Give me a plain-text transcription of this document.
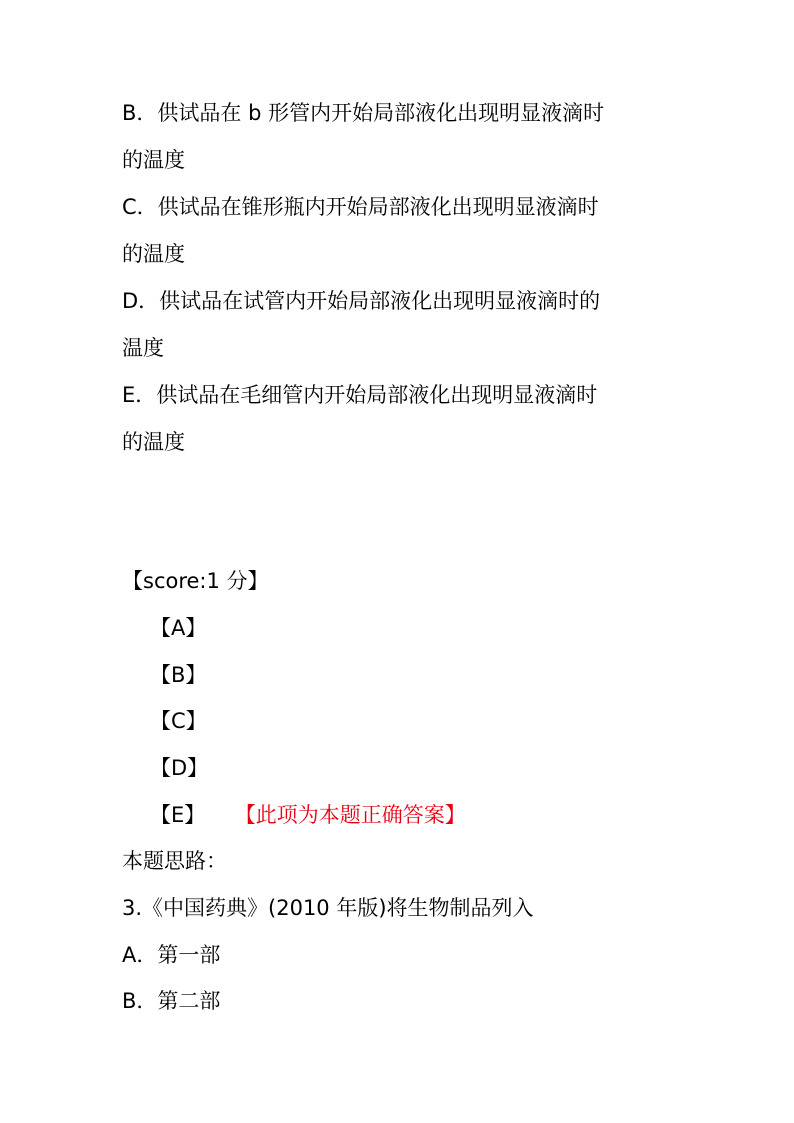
B．供试品在 b 形管内开始局部液化出现明显液滴时
的温度
C．供试品在锥形瓶内开始局部液化出现明显液滴时
的温度
D．供试品在试管内开始局部液化出现明显液滴时的
温度
E．供试品在毛细管内开始局部液化出现明显液滴时
的温度
【score:1 分】
【A】
【B】
【C】
【D】
【E】 【此项为本题正确答案】
本题思路：
3.《中国药典》(2010 年版)将生物制品列入
A．第一部
B．第二部
